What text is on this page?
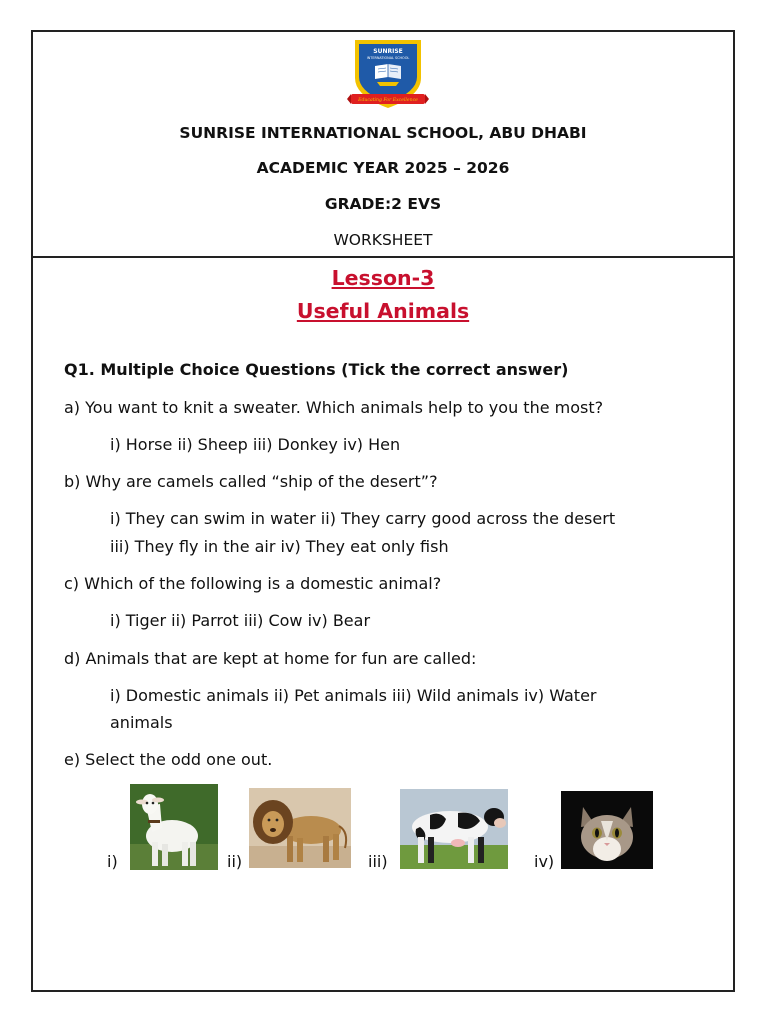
SUNRISE
INTERNATIONAL SCHOOL
Educating For Excellence
SUNRISE INTERNATIONAL SCHOOL, ABU DHABI
ACADEMIC YEAR 2025 – 2026
GRADE:2 EVS
WORKSHEET
Lesson-3
Useful Animals
Q1. Multiple Choice Questions (Tick the correct answer)
a) You want to knit a sweater. Which animals help to you the most?
i) Horse ii) Sheep iii) Donkey iv) Hen
b) Why are camels called “ship of the desert”?
i) They can swim in water ii) They carry good across the desert
iii) They fly in the air iv) They eat only fish
c) Which of the following is a domestic animal?
i) Tiger ii) Parrot iii) Cow iv) Bear
d) Animals that are kept at home for fun are called:
i) Domestic animals ii) Pet animals iii) Wild animals iv) Water
animals
e) Select the odd one out.
i)	ii)	iii)	iv)
